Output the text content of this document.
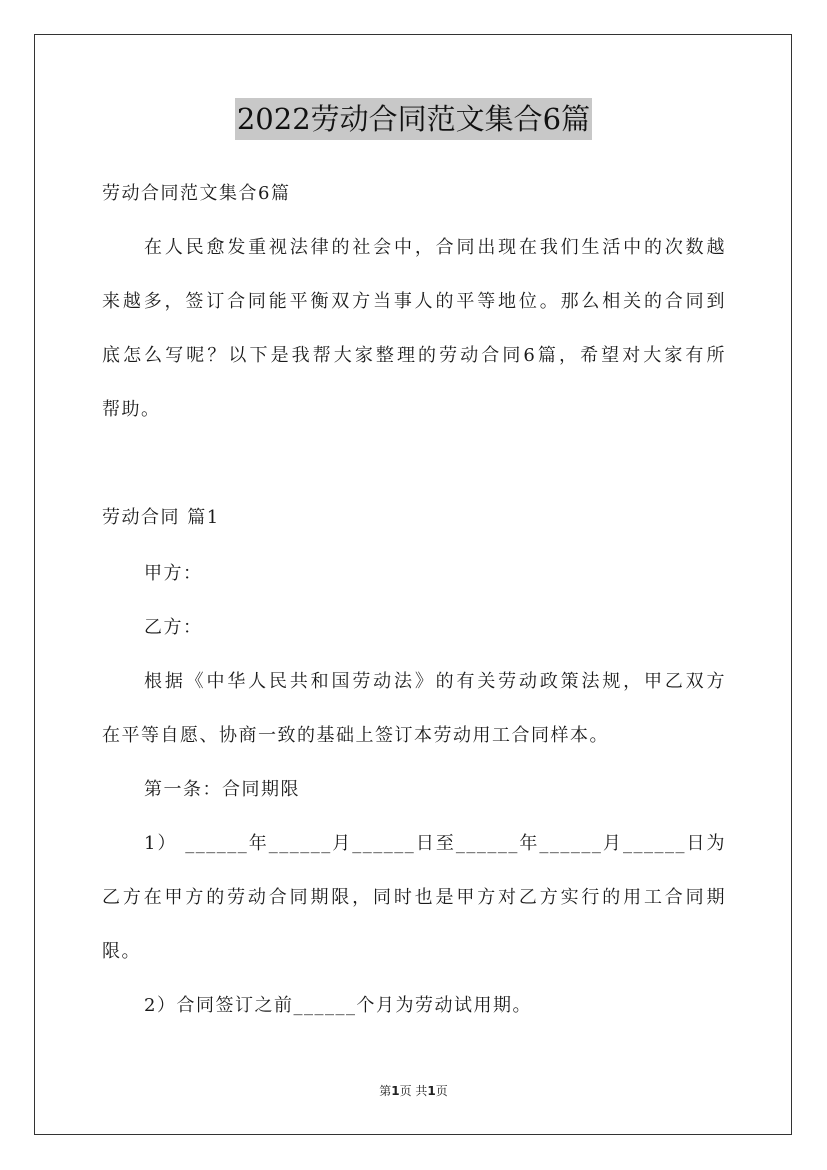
2022劳动合同范文集合6篇
劳动合同范文集合6篇
在人民愈发重视法律的社会中，合同出现在我们生活中的次数越
来越多，签订合同能平衡双方当事人的平等地位。那么相关的合同到
底怎么写呢？以下是我帮大家整理的劳动合同6篇，希望对大家有所
帮助。
劳动合同 篇1
甲方：
乙方：
根据《中华人民共和国劳动法》的有关劳动政策法规，甲乙双方
在平等自愿、协商一致的基础上签订本劳动用工合同样本。
第一条：合同期限
1） ______年______月______日至______年______月______日为
乙方在甲方的劳动合同期限，同时也是甲方对乙方实行的用工合同期
限。
2）合同签订之前______个月为劳动试用期。
第1页 共1页
